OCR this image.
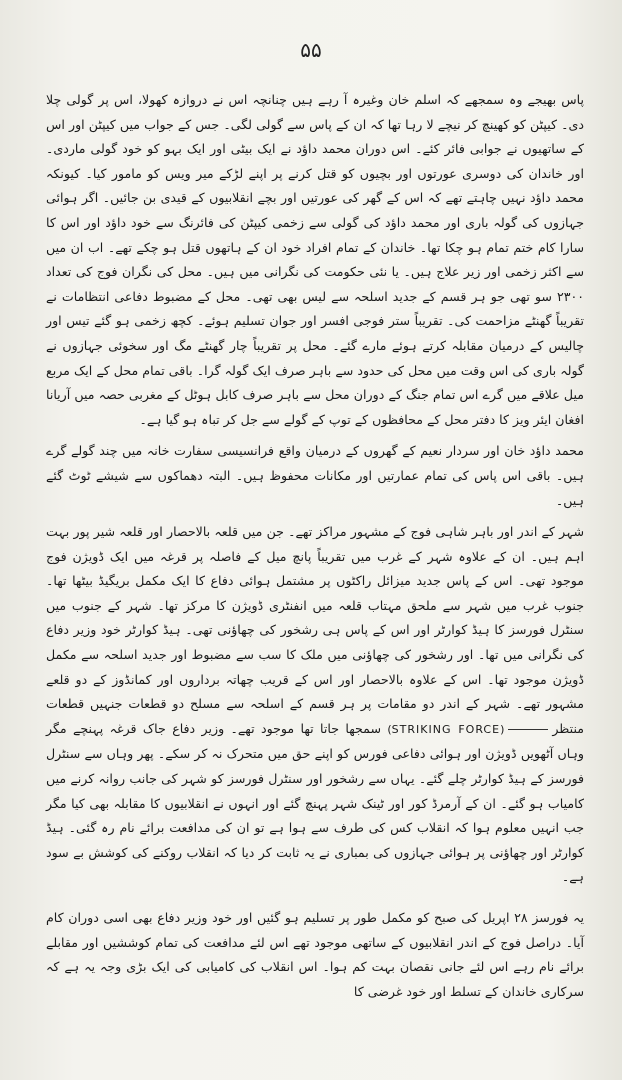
۵۵

پاس بھیجے وہ سمجھے کہ اسلم خان وغیرہ آ رہے ہیں چنانچہ اس نے دروازہ کھولا، اس پر گولی چلا دی۔ کیپٹن کو کھینچ کر نیچے لا رہا تھا کہ ان کے پاس سے گولی لگی۔ جس کے جواب میں کیپٹن اور اس کے ساتھیوں نے جوابی فائر کئے۔ اس دوران محمد داؤد نے ایک بیٹی اور ایک بہو کو خود گولی ماردی۔ اور خاندان کی دوسری عورتوں اور بچیوں کو قتل کرنے پر اپنے لڑکے میر ویس کو مامور کیا۔ کیونکہ محمد داؤد نہیں چاہتے تھے کہ اس کے گھر کی عورتیں اور بچے انقلابیوں کے قیدی بن جائیں۔ اگر ہوائی جہازوں کی گولہ باری اور محمد داؤد کی گولی سے زخمی کیپٹن کی فائرنگ سے خود داؤد اور اس کا سارا کام ختم تمام ہو چکا تھا۔ خاندان کے تمام افراد خود ان کے ہاتھوں قتل ہو چکے تھے۔ اب ان میں سے اکثر زخمی اور زیر علاج ہیں۔ یا نئی حکومت کی نگرانی میں ہیں۔ محل کی نگران فوج کی تعداد ۲۳۰۰ سو تھی جو ہر قسم کے جدید اسلحہ سے لیس بھی تھی۔ محل کے مضبوط دفاعی انتظامات نے تقریباً گھنٹے مزاحمت کی۔ تقریباً ستر فوجی افسر اور جوان تسلیم ہوئے۔ کچھ زخمی ہو گئے تیس اور چالیس کے درمیان مقابلہ کرتے ہوئے مارے گئے۔ محل پر تقریباً چار گھنٹے مگ اور سخوئی جہازوں نے گولہ باری کی اس وقت میں محل کی حدود سے باہر صرف ایک گولہ گرا۔ باقی تمام محل کے ایک مربع میل علاقے میں گرے اس تمام جنگ کے دوران محل سے باہر صرف کابل ہوٹل کے مغربی حصہ میں آریانا افغان ایئر ویز کا دفتر محل کے محافظوں کے توپ کے گولے سے جل کر تباہ ہو گیا ہے۔

محمد داؤد خان اور سردار نعیم کے گھروں کے درمیان واقع فرانسیسی سفارت خانہ میں چند گولے گرے ہیں۔ باقی اس پاس کی تمام عمارتیں اور مکانات محفوظ ہیں۔ البتہ دھماکوں سے شیشے ٹوٹ گئے ہیں۔

شہر کے اندر اور باہر شاہی فوج کے مشہور مراکز تھے۔ جن میں قلعہ بالاحصار اور قلعہ شیر پور بہت اہم ہیں۔ ان کے علاوہ شہر کے غرب میں تقریباً پانچ میل کے فاصلہ پر قرغہ میں ایک ڈویژن فوج موجود تھی۔ اس کے پاس جدید میزائل راکٹوں پر مشتمل ہوائی دفاع کا ایک مکمل بریگیڈ بیٹھا تھا۔ جنوب غرب میں شہر سے ملحق مہتاب قلعہ میں انفنٹری ڈویژن کا مرکز تھا۔ شہر کے جنوب میں سنٹرل فورسز کا ہیڈ کوارٹر اور اس کے پاس ہی رشخور کی چھاؤنی تھی۔ ہیڈ کوارٹر خود وزیر دفاع کی نگرانی میں تھا۔ اور رشخور کی چھاؤنی میں ملک کا سب سے مضبوط اور جدید اسلحہ سے مکمل ڈویژن موجود تھا۔ اس کے علاوہ بالاحصار اور اس کے قریب چھاتہ برداروں اور کمانڈوز کے دو قلعے مشہور تھے۔ شہر کے اندر دو مقامات پر ہر قسم کے اسلحہ سے مسلح دو قطعات جنہیں قطعات منتظر(STRIKING FORCE) سمجھا جاتا تھا موجود تھے۔ وزیر دفاع جاک قرغہ پہنچے مگر وہاں آٹھویں ڈویژن اور ہوائی دفاعی فورس کو اپنے حق میں متحرک نہ کر سکے۔ پھر وہاں سے سنٹرل فورسز کے ہیڈ کوارٹر چلے گئے۔ یہاں سے رشخور اور سنٹرل فورسز کو شہر کی جانب روانہ کرنے میں کامیاب ہو گئے۔ ان کے آرمرڈ کور اور ٹینک شہر پہنچ گئے اور انہوں نے انقلابیوں کا مقابلہ بھی کیا مگر جب انہیں معلوم ہوا کہ انقلاب کس کی طرف سے ہوا ہے تو ان کی مدافعت برائے نام رہ گئی۔ ہیڈ کوارٹر اور چھاؤنی پر ہوائی جہازوں کی بمباری نے یہ ثابت کر دیا کہ انقلاب روکنے کی کوشش بے سود ہے۔

یہ فورسز ۲۸ اپریل کی صبح کو مکمل طور پر تسلیم ہو گئیں اور خود وزیر دفاع بھی اسی دوران کام آیا۔ دراصل فوج کے اندر انقلابیوں کے ساتھی موجود تھے اس لئے مدافعت کی تمام کوششیں اور مقابلے برائے نام رہے اس لئے جانی نقصان بہت کم ہوا۔ اس انقلاب کی کامیابی کی ایک بڑی وجہ یہ ہے کہ سرکاری خاندان کے تسلط اور خود غرضی کا
